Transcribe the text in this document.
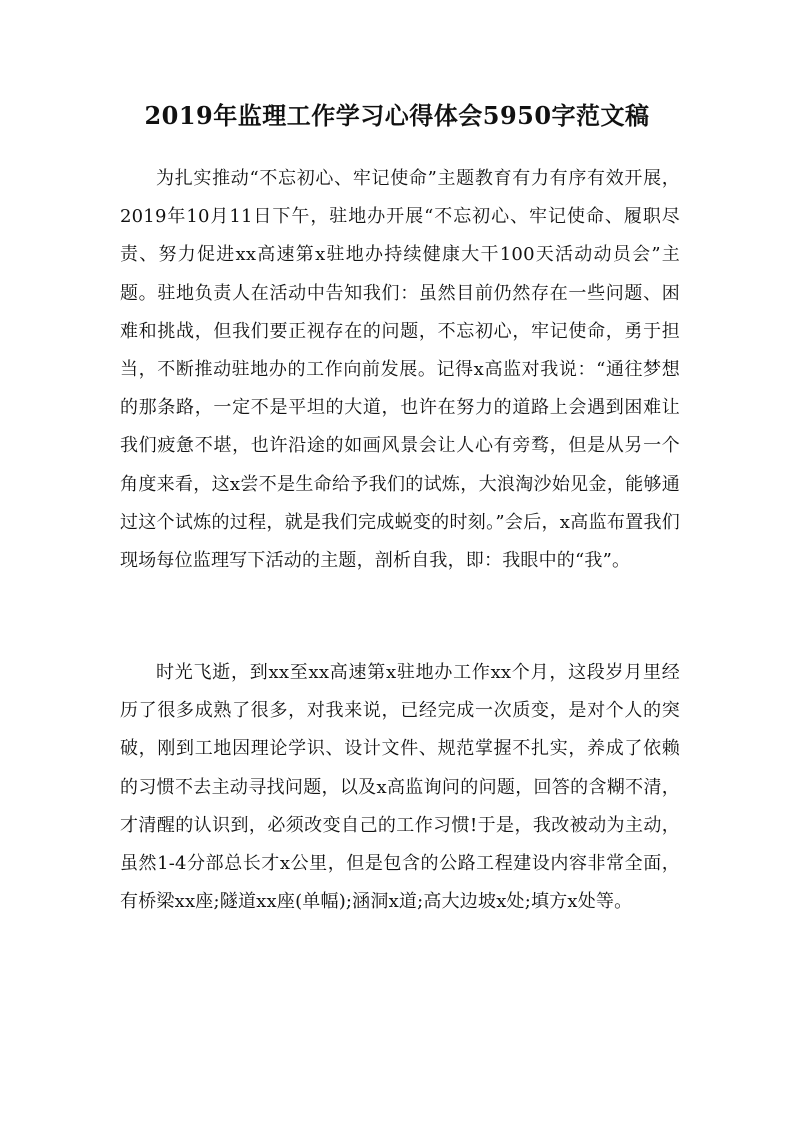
2019年监理工作学习心得体会5950字范文稿

为扎实推动“不忘初心、牢记使命”主题教育有力有序有效开展，2019年10月11日下午，驻地办开展“不忘初心、牢记使命、履职尽责、努力促进xx高速第x驻地办持续健康大干100天活动动员会”主题。驻地负责人在活动中告知我们：虽然目前仍然存在一些问题、困难和挑战，但我们要正视存在的问题，不忘初心，牢记使命，勇于担当，不断推动驻地办的工作向前发展。记得x高监对我说：“通往梦想的那条路，一定不是平坦的大道，也许在努力的道路上会遇到困难让我们疲惫不堪，也许沿途的如画风景会让人心有旁骛，但是从另一个角度来看，这x尝不是生命给予我们的试炼，大浪淘沙始见金，能够通过这个试炼的过程，就是我们完成蜕变的时刻。”会后，x高监布置我们现场每位监理写下活动的主题，剖析自我，即：我眼中的“我”。

时光飞逝，到xx至xx高速第x驻地办工作xx个月，这段岁月里经历了很多成熟了很多，对我来说，已经完成一次质变，是对个人的突破，刚到工地因理论学识、设计文件、规范掌握不扎实，养成了依赖的习惯不去主动寻找问题，以及x高监询问的问题，回答的含糊不清，才清醒的认识到，必须改变自己的工作习惯!于是，我改被动为主动，虽然1-4分部总长才x公里，但是包含的公路工程建设内容非常全面，有桥梁xx座;隧道xx座(单幅);涵洞x道;高大边坡x处;填方x处等。
